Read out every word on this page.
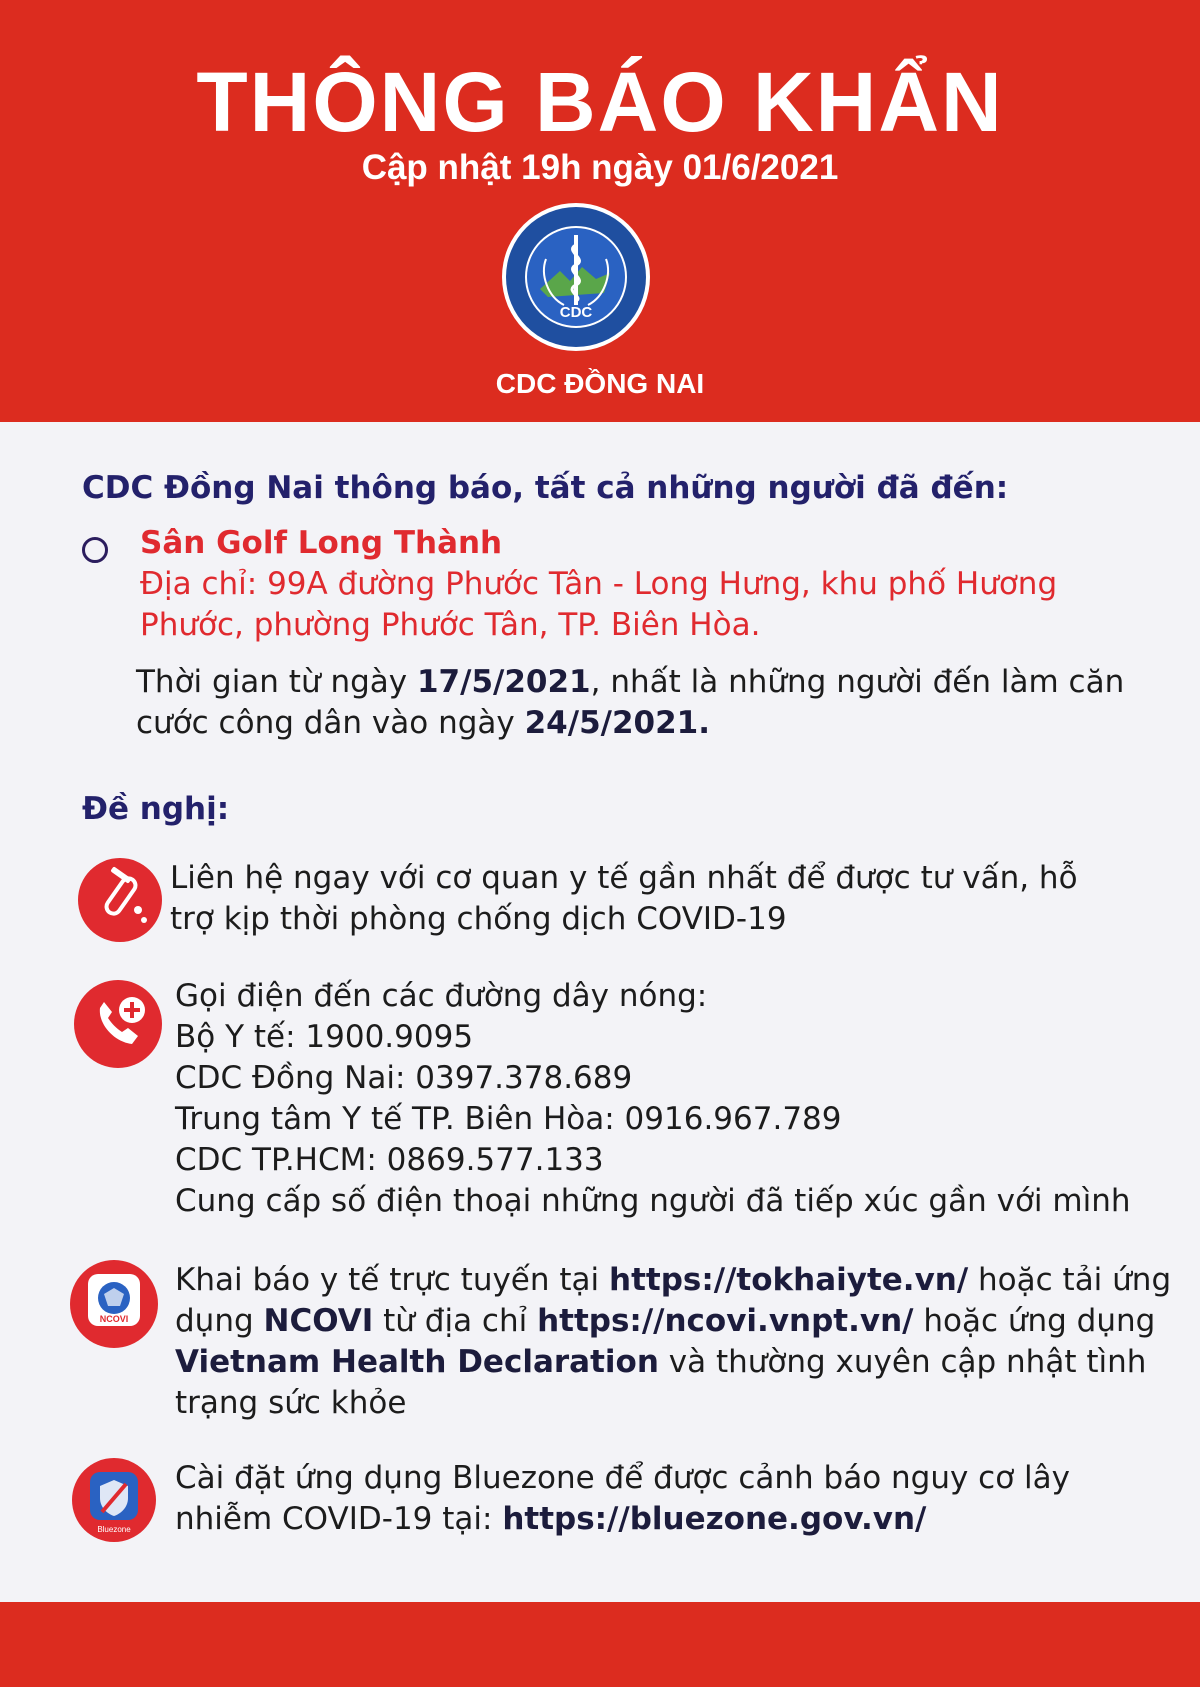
THÔNG BÁO KHẨN
Cập nhật 19h ngày 01/6/2021
CDC
CDC ĐỒNG NAI
CDC Đồng Nai thông báo, tất cả những người đã đến:
Sân Golf Long Thành
Địa chỉ: 99A đường Phước Tân - Long Hưng, khu phố Hương Phước, phường Phước Tân, TP. Biên Hòa.
Thời gian từ ngày 17/5/2021, nhất là những người đến làm căn cước công dân vào ngày 24/5/2021.
Đề nghị:
Liên hệ ngay với cơ quan y tế gần nhất để được tư vấn, hỗ trợ kịp thời phòng chống dịch COVID-19
Gọi điện đến các đường dây nóng:
Bộ Y tế: 1900.9095
CDC Đồng Nai: 0397.378.689
Trung tâm Y tế TP. Biên Hòa: 0916.967.789
CDC TP.HCM: 0869.577.133
Cung cấp số điện thoại những người đã tiếp xúc gần với mình
NCOVI
Khai báo y tế trực tuyến tại https://tokhaiyte.vn/ hoặc tải ứng dụng NCOVI từ địa chỉ https://ncovi.vnpt.vn/ hoặc ứng dụng Vietnam Health Declaration và thường xuyên cập nhật tình trạng sức khỏe
Bluezone
Cài đặt ứng dụng Bluezone để được cảnh báo nguy cơ lây nhiễm COVID-19 tại: https://bluezone.gov.vn/
